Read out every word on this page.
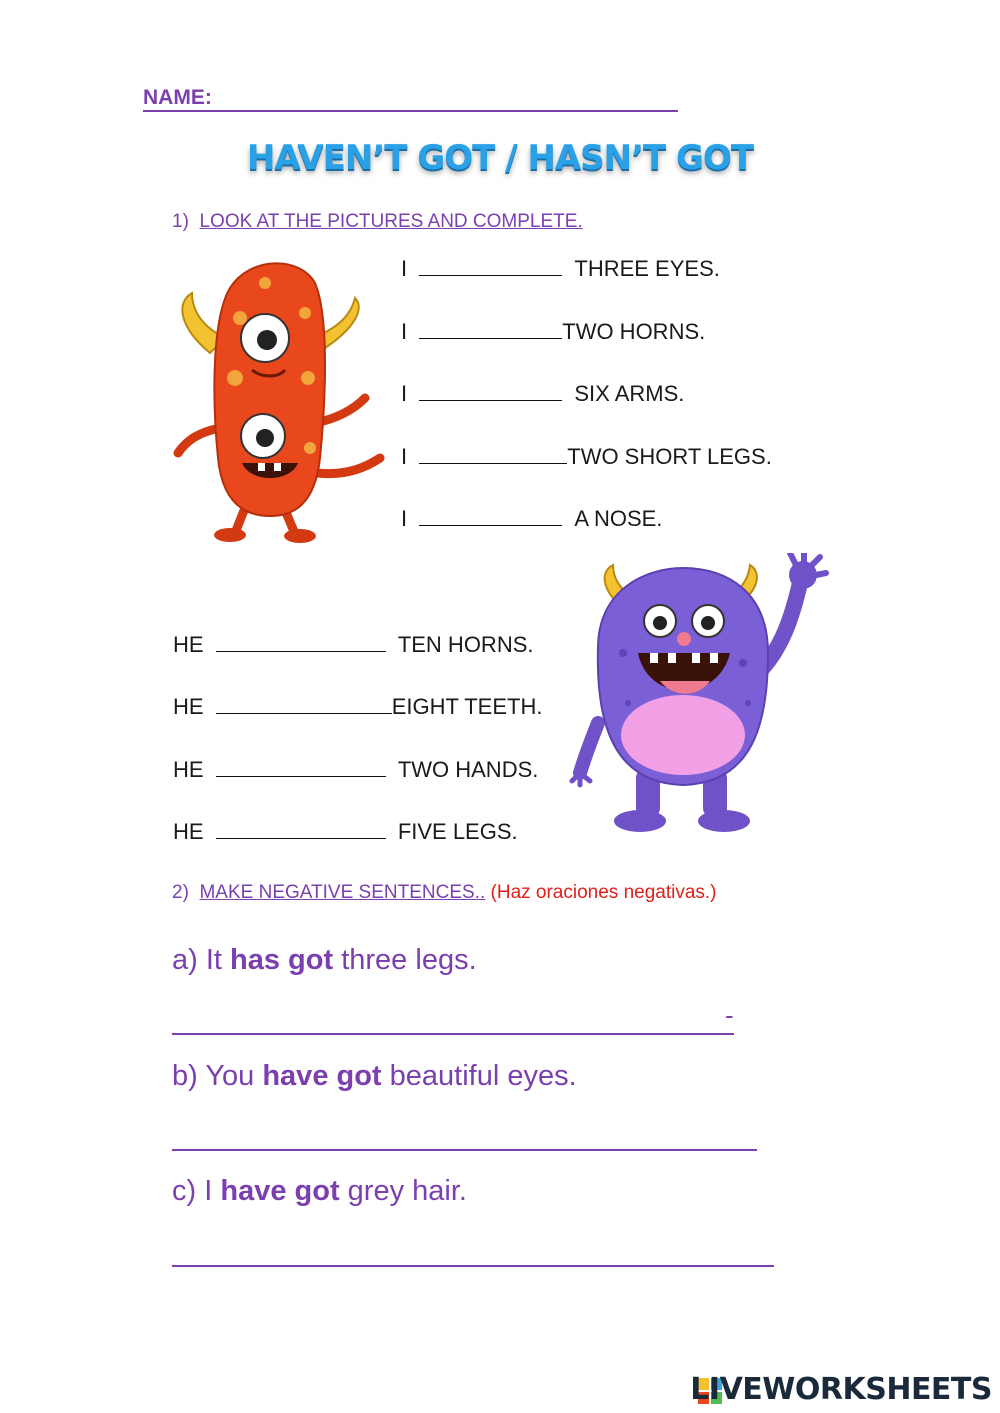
NAME:
HAVEN’T GOT / HASN’T GOT
1) LOOK AT THE PICTURES AND COMPLETE.
I	THREE EYES.
I	TWO HORNS.
I	SIX ARMS.
I	TWO SHORT LEGS.
I	A NOSE.
HE	TEN HORNS.
HE	EIGHT TEETH.
HE	TWO HANDS.
HE	FIVE LEGS.
2) MAKE NEGATIVE SENTENCES.. (Haz oraciones negativas.)
a) It has got three legs.
-
b) You have got beautiful eyes.
c) I have got grey hair.
LIVEWORKSHEETS
